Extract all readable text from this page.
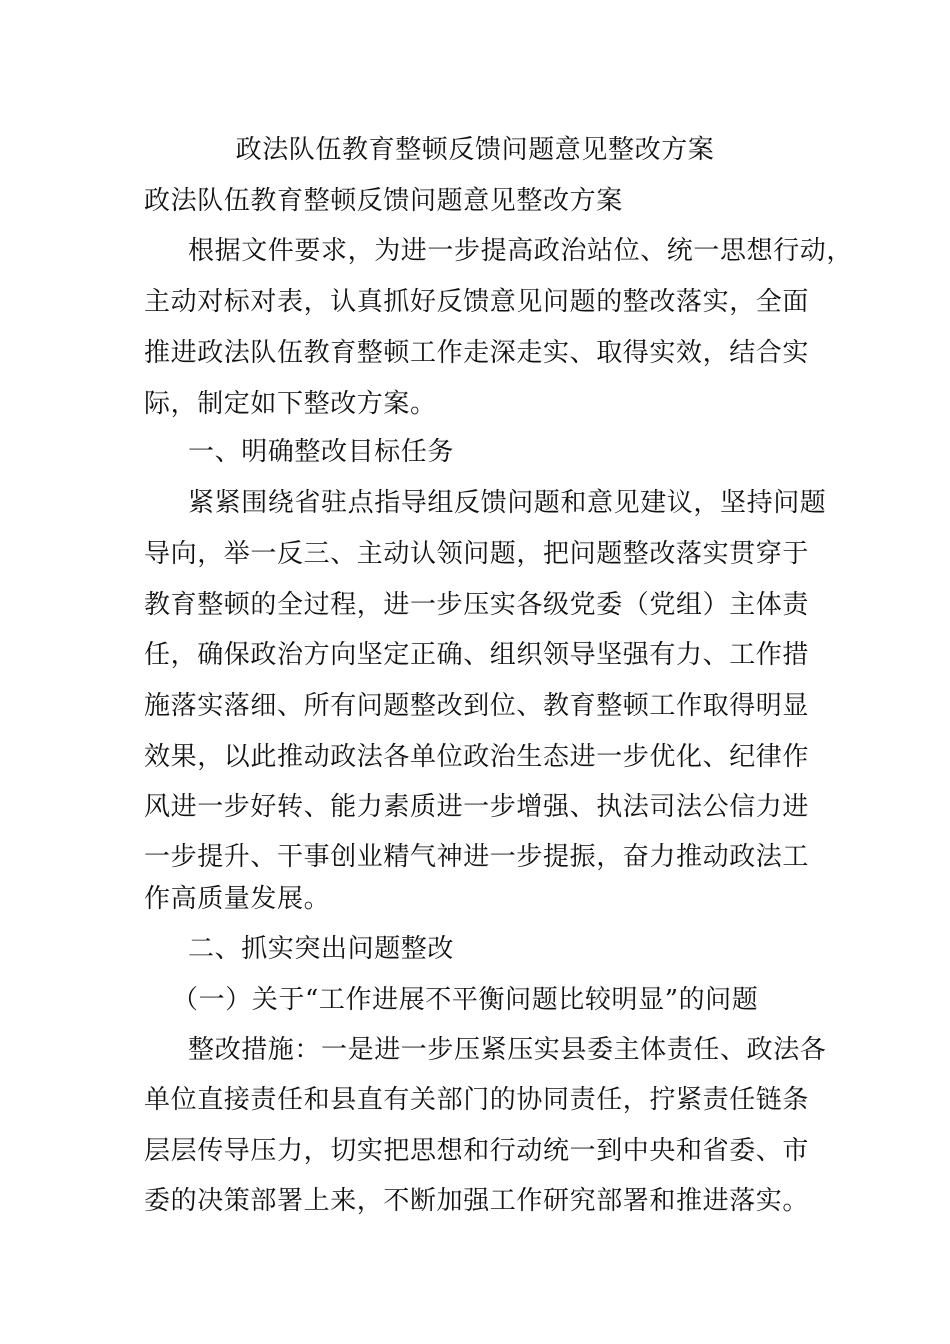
政法队伍教育整顿反馈问题意见整改方案
政法队伍教育整顿反馈问题意见整改方案
根据文件要求，为进一步提高政治站位、统一思想行动，
主动对标对表，认真抓好反馈意见问题的整改落实，全面
推进政法队伍教育整顿工作走深走实、取得实效，结合实
际，制定如下整改方案。
一、明确整改目标任务
紧紧围绕省驻点指导组反馈问题和意见建议，坚持问题
导向，举一反三、主动认领问题，把问题整改落实贯穿于
教育整顿的全过程，进一步压实各级党委（党组）主体责
任，确保政治方向坚定正确、组织领导坚强有力、工作措
施落实落细、所有问题整改到位、教育整顿工作取得明显
效果，以此推动政法各单位政治生态进一步优化、纪律作
风进一步好转、能力素质进一步增强、执法司法公信力进
一步提升、干事创业精气神进一步提振，奋力推动政法工
作高质量发展。
二、抓实突出问题整改
（一）关于“工作进展不平衡问题比较明显”的问题
整改措施：一是进一步压紧压实县委主体责任、政法各
单位直接责任和县直有关部门的协同责任，拧紧责任链条
层层传导压力，切实把思想和行动统一到中央和省委、市
委的决策部署上来，不断加强工作研究部署和推进落实。
